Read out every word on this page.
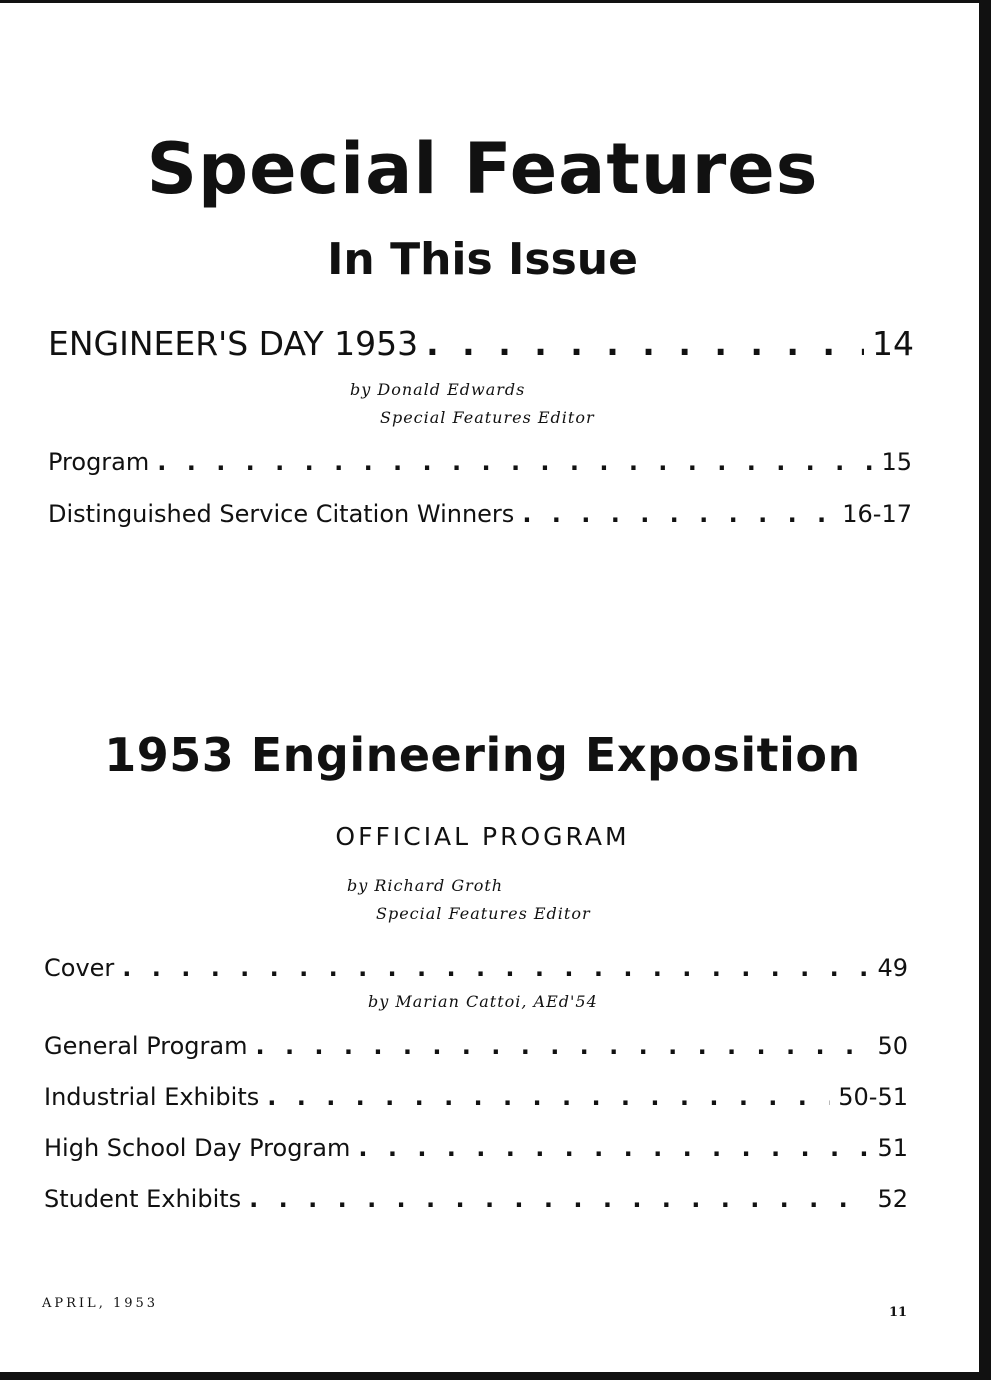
Special Features
In This Issue
ENGINEER'S DAY 1953 . . .	14
by Donald Edwards
Special Features Editor
Program . . .	15
Distinguished Service Citation Winners . . .	16-17
1953 Engineering Exposition
OFFICIAL PROGRAM
by Richard Groth
Special Features Editor
Cover . . .	49
by Marian Cattoi, AEd'54
General Program . . .	50
Industrial Exhibits . . .	50-51
High School Day Program . . .	51
Student Exhibits . . .	52
APRIL, 1953
11
